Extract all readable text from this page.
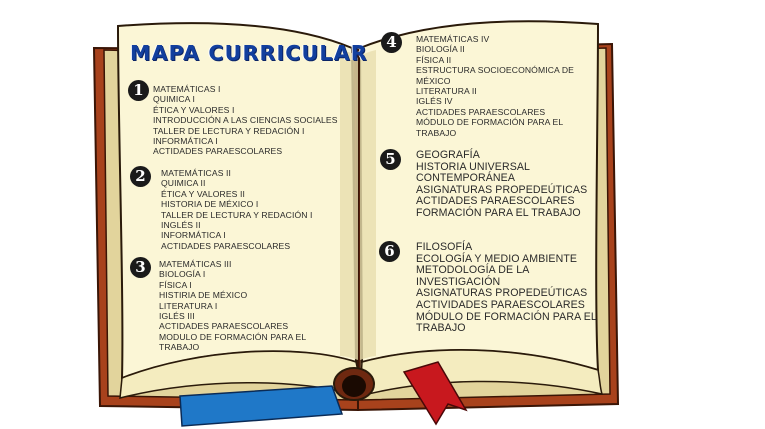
MAPA CURRICULAR
1	MATEMÁTICAS I
QUIMICA I
ÉTICA Y VALORES I
INTRODUCCIÓN A LAS CIENCIAS SOCIALES
TALLER DE LECTURA Y REDACIÓN I
INFORMÁTICA I
ACTIDADES PARAESCOLARES
2	MATEMÁTICAS II
QUIMICA II
ÉTICA Y VALORES II
HISTORIA DE MÉXICO I
TALLER DE LECTURA Y REDACIÓN I
INGLÉS II
INFORMÁTICA I
ACTIDADES PARAESCOLARES
3	MATEMÁTICAS III
BIOLOGÍA I
FÍSICA I
HISTIRIA DE MÉXICO
LITERATURA I
IGLÉS III
ACTIDADES PARAESCOLARES
MODULO DE FORMACIÓN PARA EL
TRABAJO
4	MATEMÁTICAS IV
BIOLOGÍA II
FÍSICA II
ESTRUCTURA SOCIOECONÓMICA DE
MÉXICO
LITERATURA II
IGLÉS IV
ACTIDADES PARAESCOLARES
MÓDULO DE FORMACIÓN PARA EL
TRABAJO
5	GEOGRAFÍA
HISTORIA UNIVERSAL
CONTEMPORÁNEA
ASIGNATURAS PROPEDEÚTICAS
ACTIDADES PARAESCOLARES
FORMACIÓN PARA EL TRABAJO
6	FILOSOFÍA
ECOLOGÍA Y MEDIO AMBIENTE
METODOLOGÍA DE LA
INVESTIGACIÓN
ASIGNATURAS PROPEDEÚTICAS
ACTIVIDADES PARAESCOLARES
MÓDULO DE FORMACIÓN PARA EL
TRABAJO
